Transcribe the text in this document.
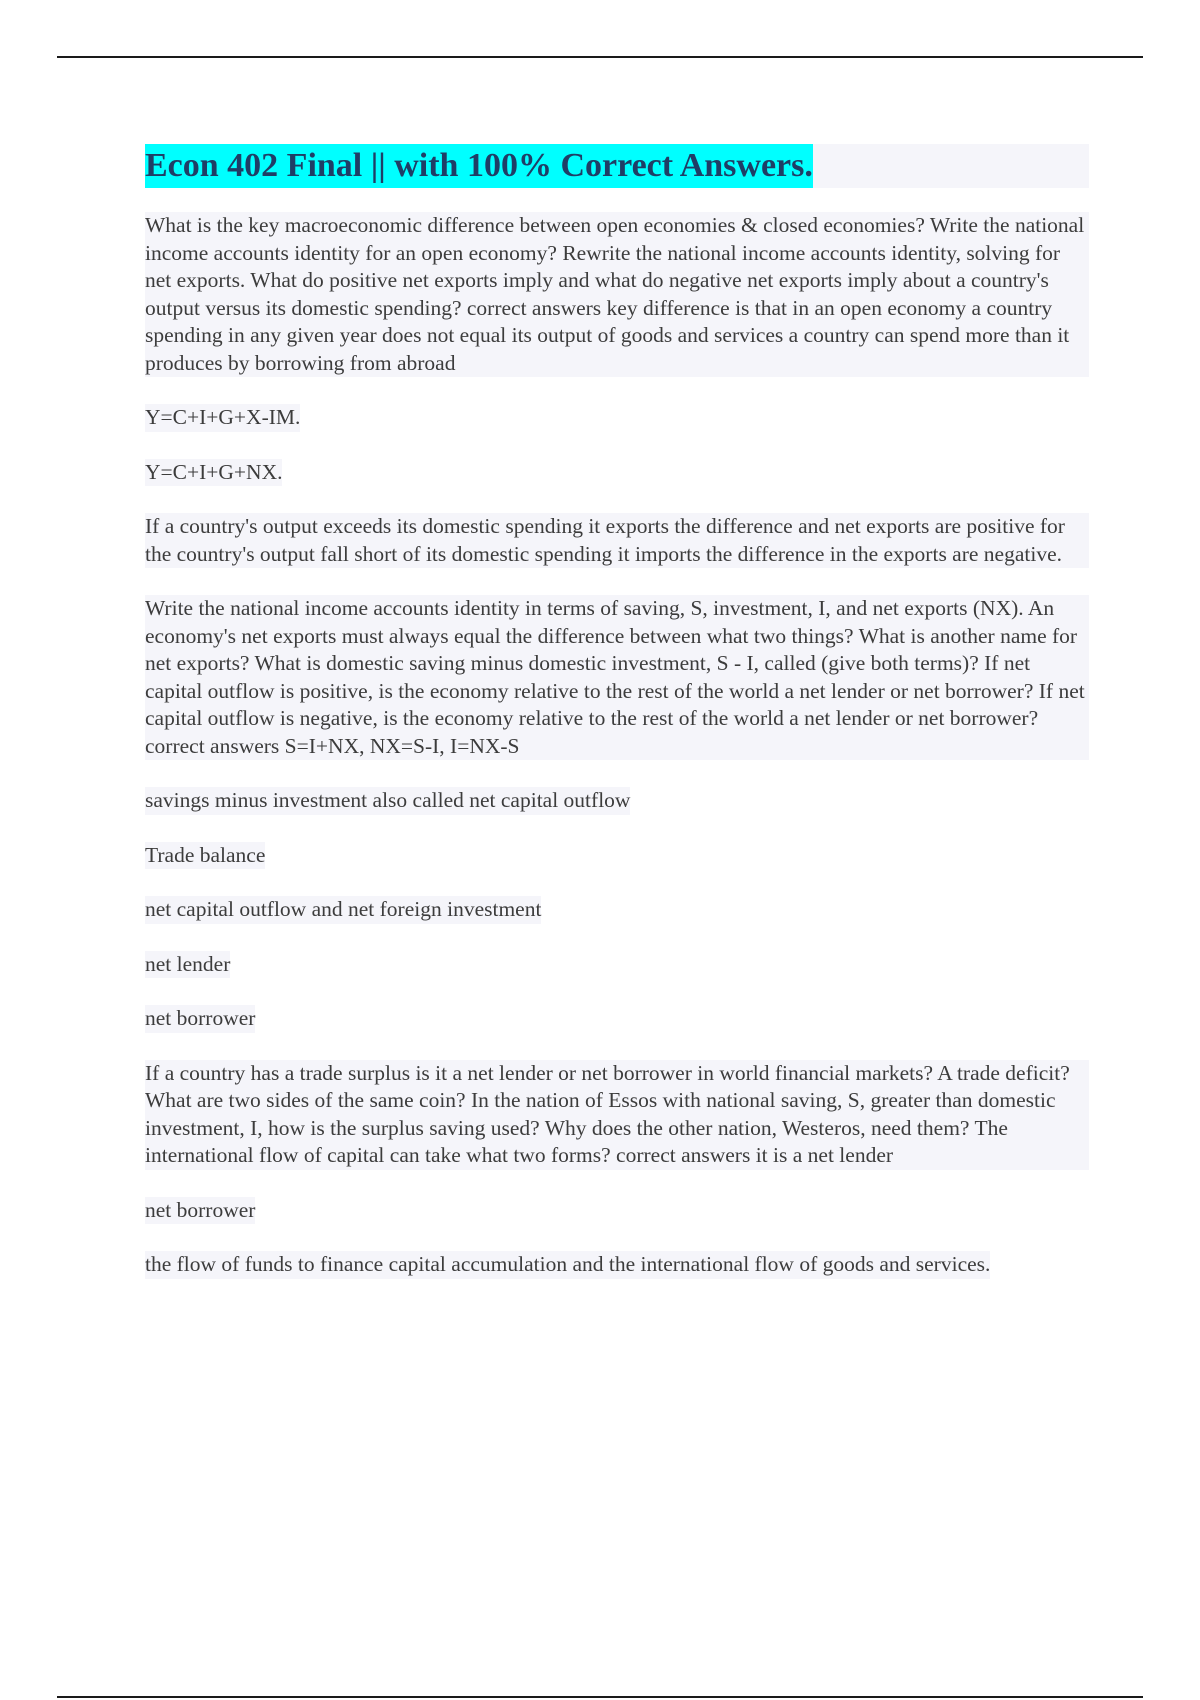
Econ 402 Final || with 100% Correct Answers.

What is the key macroeconomic difference between open economies & closed economies? Write the national income accounts identity for an open economy? Rewrite the national income accounts identity, solving for net exports. What do positive net exports imply and what do negative net exports imply about a country's output versus its domestic spending? correct answers key difference is that in an open economy a country spending in any given year does not equal its output of goods and services a country can spend more than it produces by borrowing from abroad

Y=C+I+G+X-IM.

Y=C+I+G+NX.

If a country's output exceeds its domestic spending it exports the difference and net exports are positive for the country's output fall short of its domestic spending it imports the difference in the exports are negative.

Write the national income accounts identity in terms of saving, S, investment, I, and net exports (NX). An economy's net exports must always equal the difference between what two things? What is another name for net exports? What is domestic saving minus domestic investment, S - I, called (give both terms)? If net capital outflow is positive, is the economy relative to the rest of the world a net lender or net borrower? If net capital outflow is negative, is the economy relative to the rest of the world a net lender or net borrower? correct answers S=I+NX, NX=S-I, I=NX-S

savings minus investment also called net capital outflow

Trade balance

net capital outflow and net foreign investment

net lender

net borrower

If a country has a trade surplus is it a net lender or net borrower in world financial markets? A trade deficit? What are two sides of the same coin? In the nation of Essos with national saving, S, greater than domestic investment, I, how is the surplus saving used? Why does the other nation, Westeros, need them? The international flow of capital can take what two forms? correct answers it is a net lender

net borrower

the flow of funds to finance capital accumulation and the international flow of goods and services.
